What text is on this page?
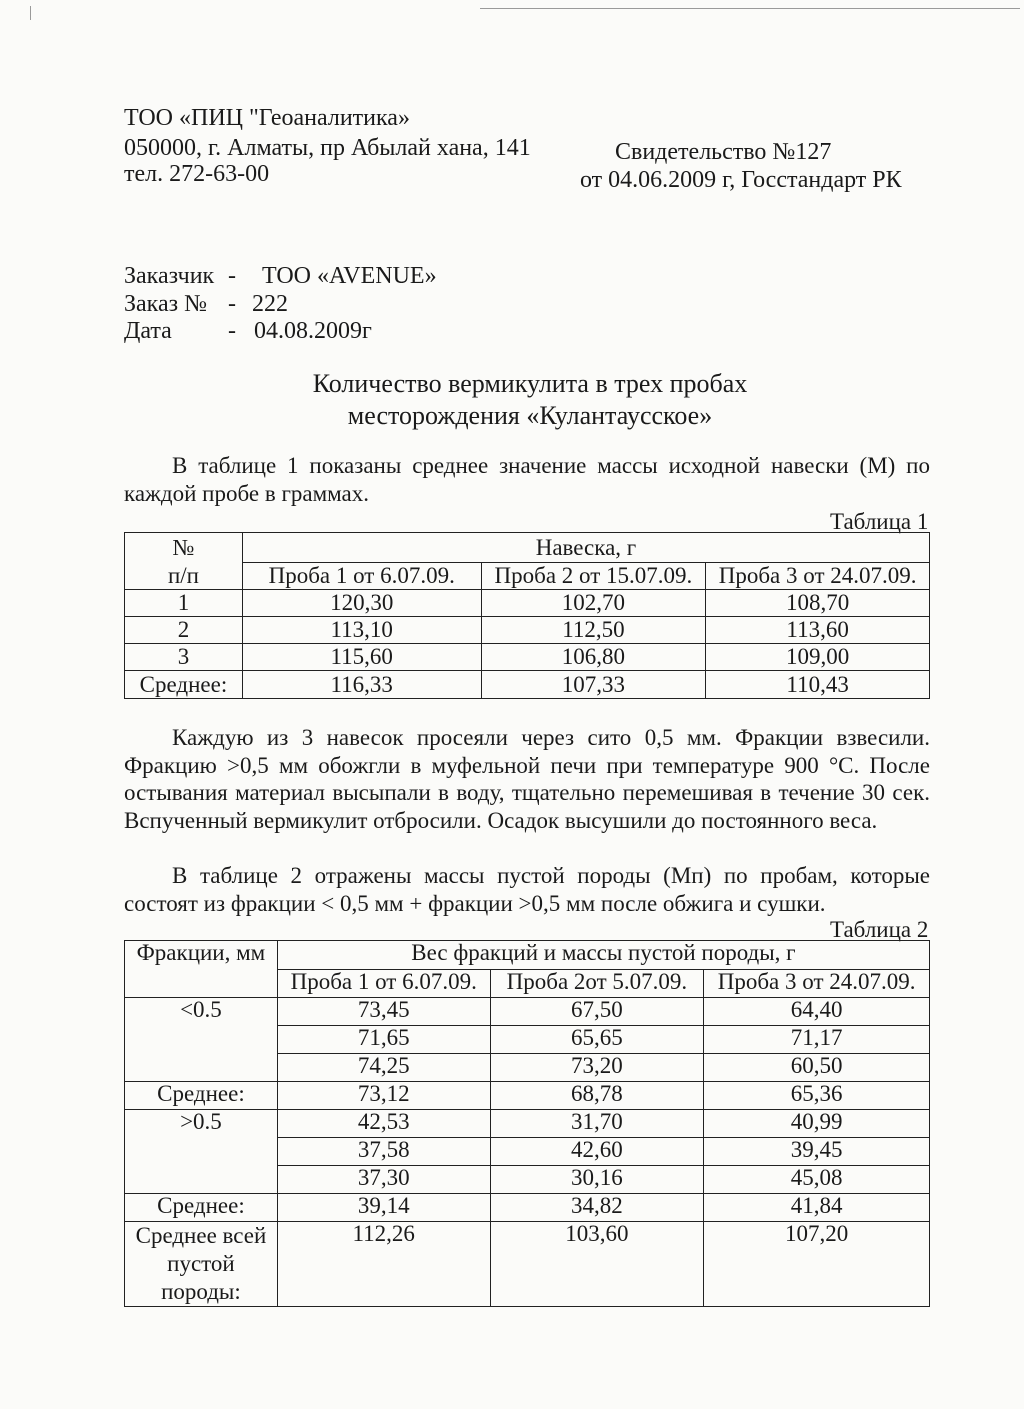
ТОО «ПИЦ "Геоаналитика»
050000, г. Алматы, пр Абылай хана, 141
тел. 272-63-00
Свидетельство №127
от 04.06.2009 г, Госстандарт РК
Заказчик - ТОО «AVENUE»
Заказ № - 222
Дата - 04.08.2009г
Количество вермикулита в трех пробах
месторождения «Кулантаусское»
В таблице 1 показаны среднее значение массы исходной навески (М) по каждой пробе в граммах.
Таблица 1
№	Навеска, г		
п/п	Проба 1 от 6.07.09.	Проба 2 от 15.07.09.	Проба 3 от 24.07.09.
1	120,30	102,70	108,70
2	113,10	112,50	113,60
3	115,60	106,80	109,00
Среднее:	116,33	107,33	110,43
Каждую из 3 навесок просеяли через сито 0,5 мм. Фракции взвесили. Фракцию >0,5 мм обожгли в муфельной печи при температуре 900 °С. После остывания материал высыпали в воду, тщательно перемешивая в течение 30 сек. Вспученный вермикулит отбросили. Осадок высушили до постоянного веса.
В таблице 2 отражены массы пустой породы (Мп) по пробам, которые состоят из фракции < 0,5 мм + фракции >0,5 мм после обжига и сушки.
Таблица 2
Фракции, мм	Вес фракций и массы пустой породы, г		
	Проба 1 от 6.07.09.	Проба 2от 5.07.09.	Проба 3 от 24.07.09.
<0.5	73,45	67,50	64,40
	71,65	65,65	71,17
	74,25	73,20	60,50
Среднее:	73,12	68,78	65,36
>0.5	42,53	31,70	40,99
	37,58	42,60	39,45
	37,30	30,16	45,08
Среднее:	39,14	34,82	41,84

Среднее всей
пустой
породы:	112,26	103,60	107,20
